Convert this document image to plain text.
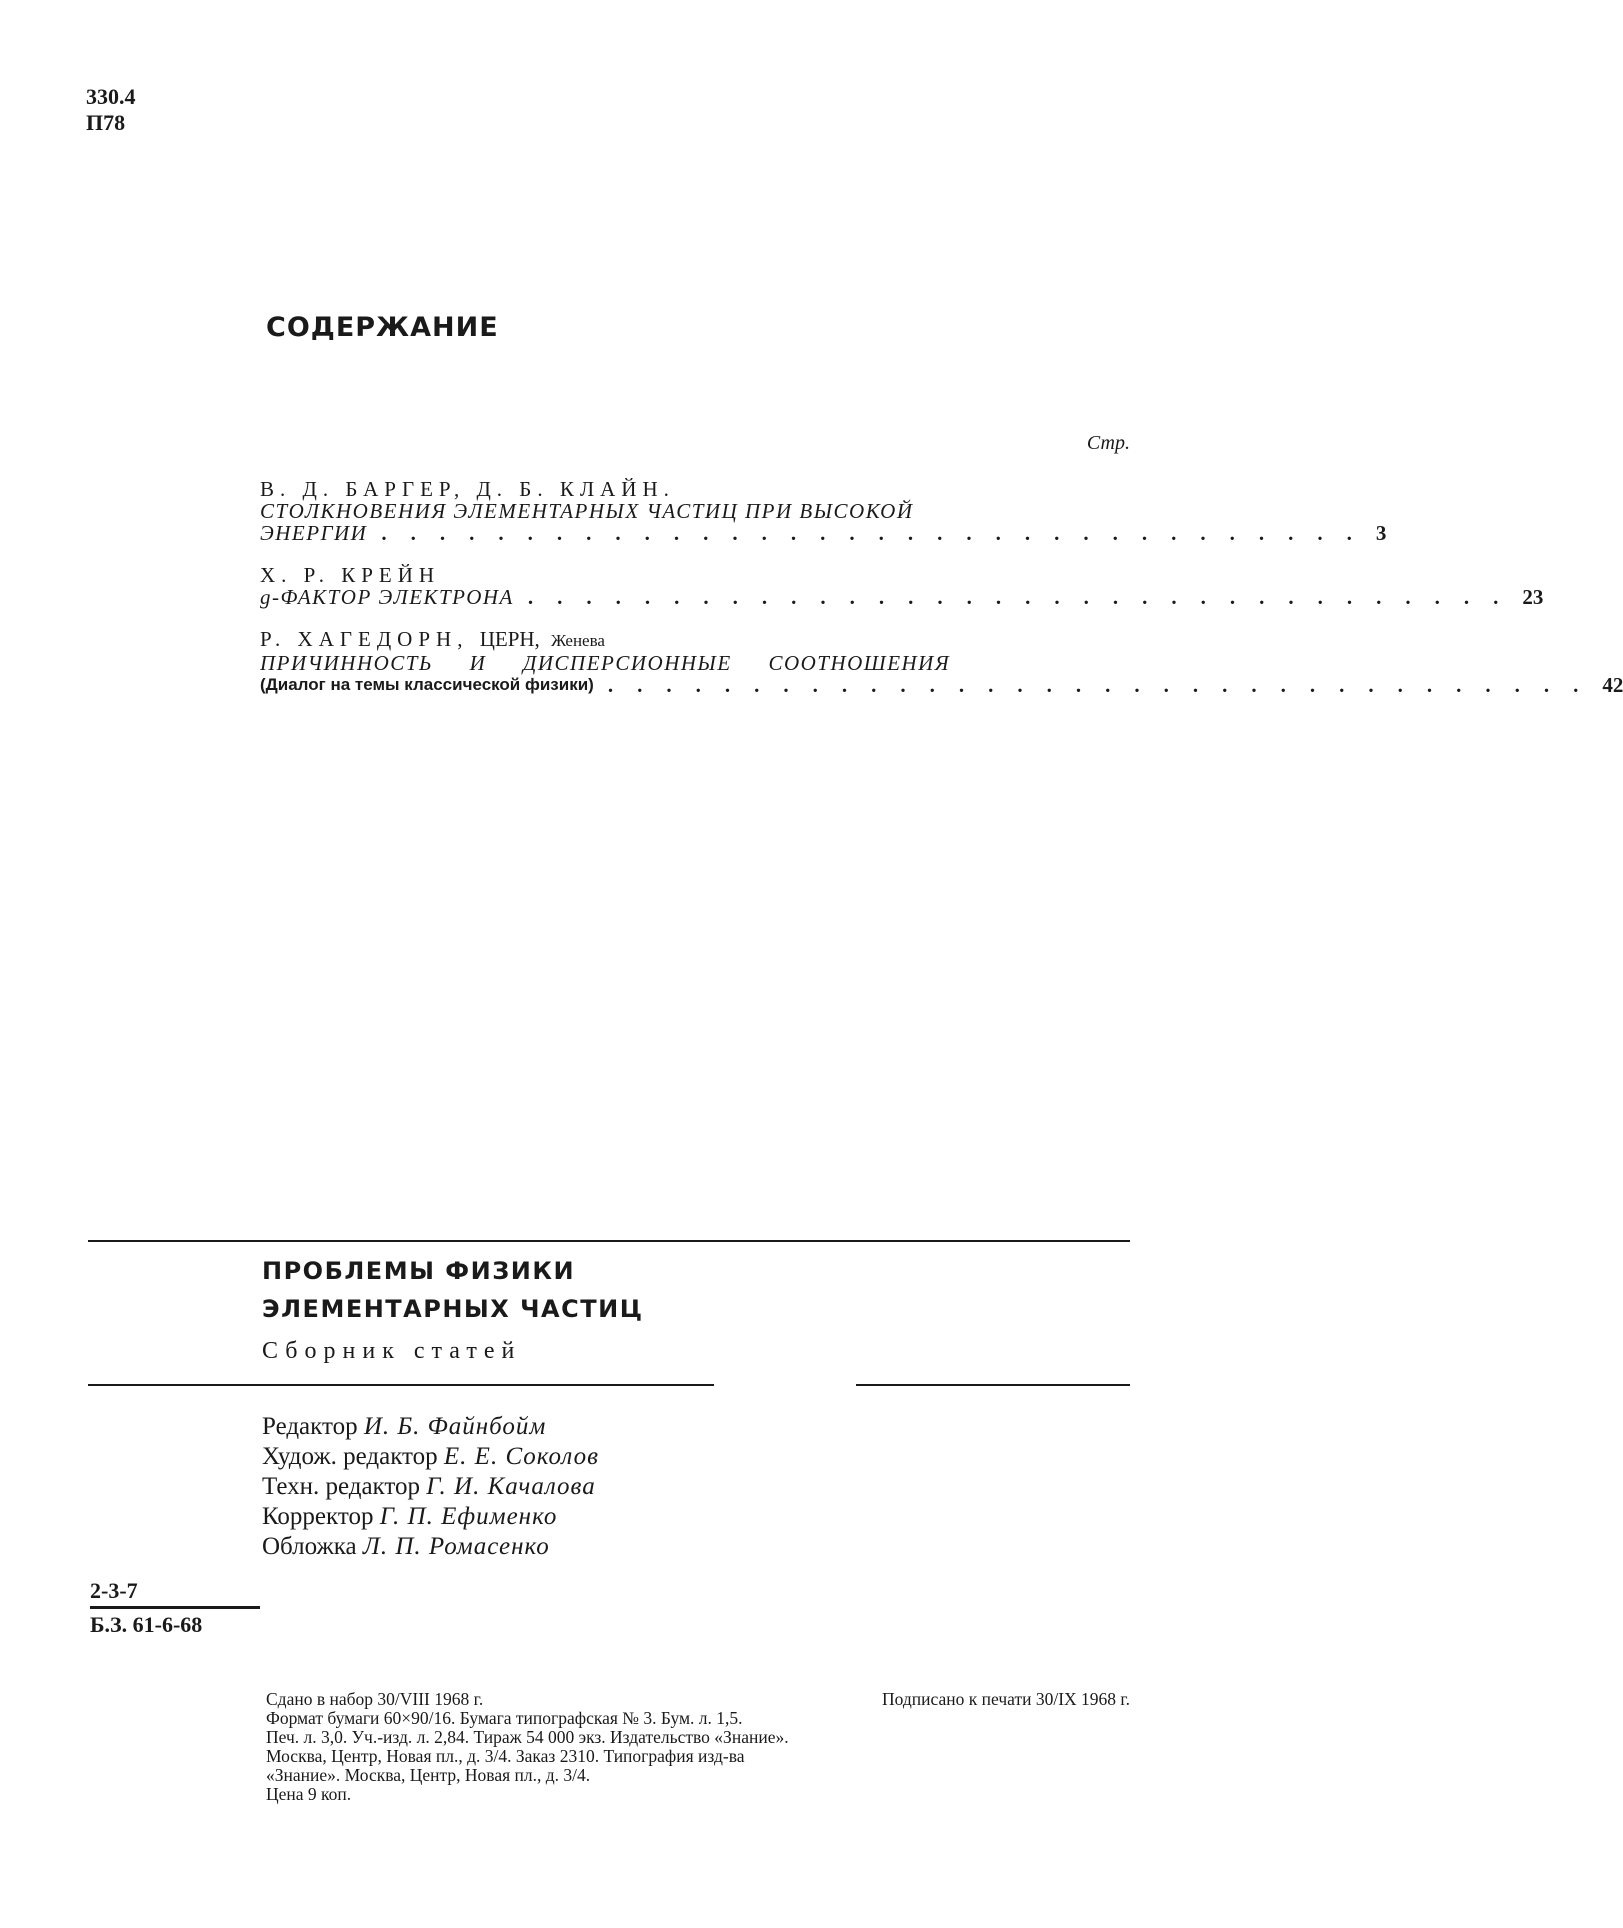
330.4
П78
СОДЕРЖАНИЕ
Стр.
В. Д. БАРГЕР, Д. Б. КЛАЙН.
СТОЛКНОВЕНИЯ ЭЛЕМЕНТАРНЫХ ЧАСТИЦ ПРИ ВЫСОКОЙ
ЭНЕРГИИ .................................. 3
X. Р. КРЕЙН
g-ФАКТОР ЭЛЕКТРОНА .................................. 23
Р. ХАГЕДОРН, ЦЕРН, Женева
ПРИЧИННОСТЬ И ДИСПЕРСИОННЫЕ СООТНОШЕНИЯ
(Диалог на темы классической физики) .................................. 42
ПРОБЛЕМЫ ФИЗИКИ
ЭЛЕМЕНТАРНЫХ ЧАСТИЦ
Сборник статей
Редактор И. Б. Файнбойм
Худож. редактор Е. Е. Соколов
Техн. редактор Г. И. Качалова
Корректор Г. П. Ефименко
Обложка Л. П. Ромасенко
2-3-7
Б.З. 61-6-68
Сдано в набор 30/VIII 1968 г.	Подписано к печати 30/IX 1968 г.
Формат бумаги 60×90/16. Бумага типографская № 3. Бум. л. 1,5.
Печ. л. 3,0. Уч.-изд. л. 2,84. Тираж 54 000 экз. Издательство «Знание».
Москва, Центр, Новая пл., д. 3/4. Заказ 2310. Типография изд-ва
«Знание». Москва, Центр, Новая пл., д. 3/4.
Цена 9 коп.
